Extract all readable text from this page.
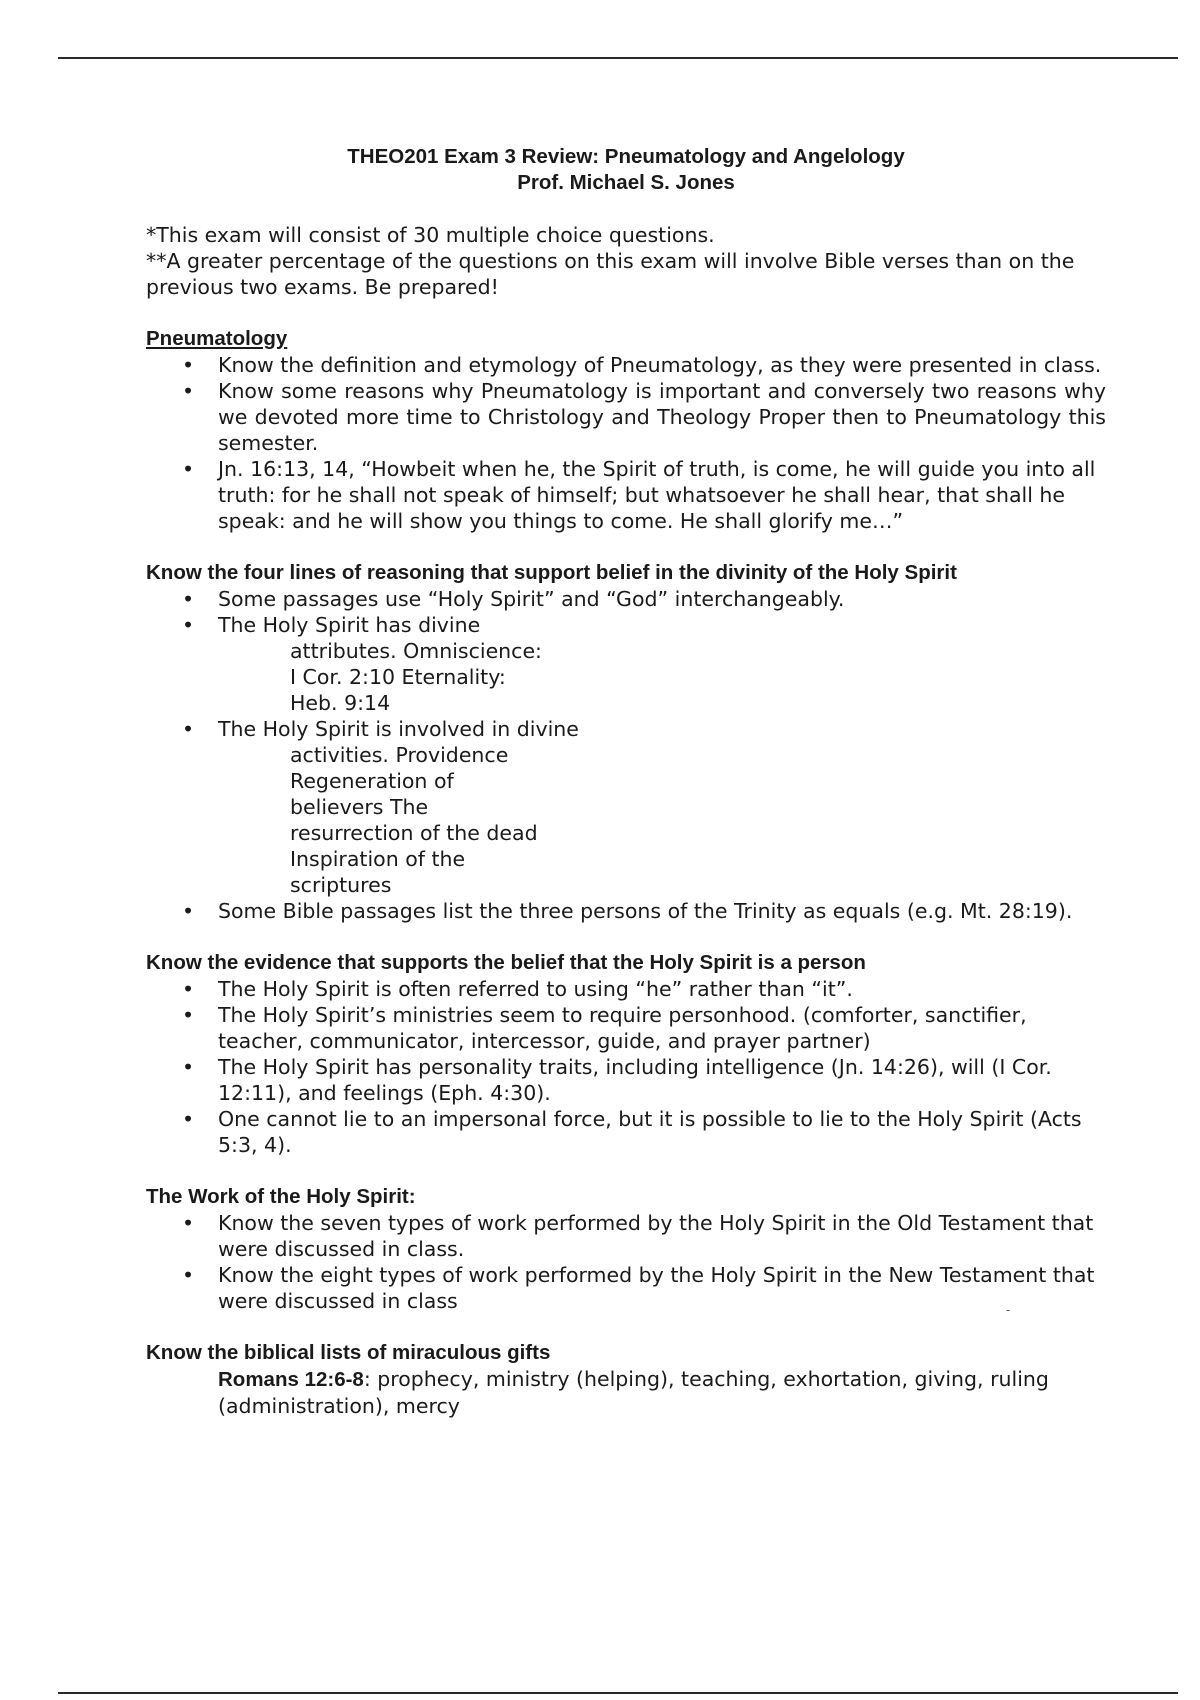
THEO201 Exam 3 Review: Pneumatology and Angelology
Prof. Michael S. Jones

*This exam will consist of 30 multiple choice questions.

**A greater percentage of the questions on this exam will involve Bible verses than on the previous two exams. Be prepared!

Pneumatology

• Know the definition and etymology of Pneumatology, as they were presented in class.
• Know some reasons why Pneumatology is important and conversely two reasons why we devoted more time to Christology and Theology Proper then to Pneumatology this semester.
• Jn. 16:13, 14, “Howbeit when he, the Spirit of truth, is come, he will guide you into all truth: for he shall not speak of himself; but whatsoever he shall hear, that shall he speak: and he will show you things to come. He shall glorify me…”

Know the four lines of reasoning that support belief in the divinity of the Holy Spirit

• Some passages use “Holy Spirit” and “God” interchangeably.
• The Holy Spirit has divine
attributes. Omniscience:
I Cor. 2:10 Eternality:
Heb. 9:14
• The Holy Spirit is involved in divine
activities. Providence
Regeneration of
believers The
resurrection of the dead
Inspiration of the
scriptures
• Some Bible passages list the three persons of the Trinity as equals (e.g. Mt. 28:19).

Know the evidence that supports the belief that the Holy Spirit is a person

• The Holy Spirit is often referred to using “he” rather than “it”.
• The Holy Spirit’s ministries seem to require personhood. (comforter, sanctifier, teacher, communicator, intercessor, guide, and prayer partner)
• The Holy Spirit has personality traits, including intelligence (Jn. 14:26), will (I Cor. 12:11), and feelings (Eph. 4:30).
• One cannot lie to an impersonal force, but it is possible to lie to the Holy Spirit (Acts 5:3, 4).

The Work of the Holy Spirit:

• Know the seven types of work performed by the Holy Spirit in the Old Testament that were discussed in class.
• Know the eight types of work performed by the Holy Spirit in the New Testament that were discussed in class

Know the biblical lists of miraculous gifts

Romans 12:6-8: prophecy, ministry (helping), teaching, exhortation, giving, ruling (administration), mercy
-
